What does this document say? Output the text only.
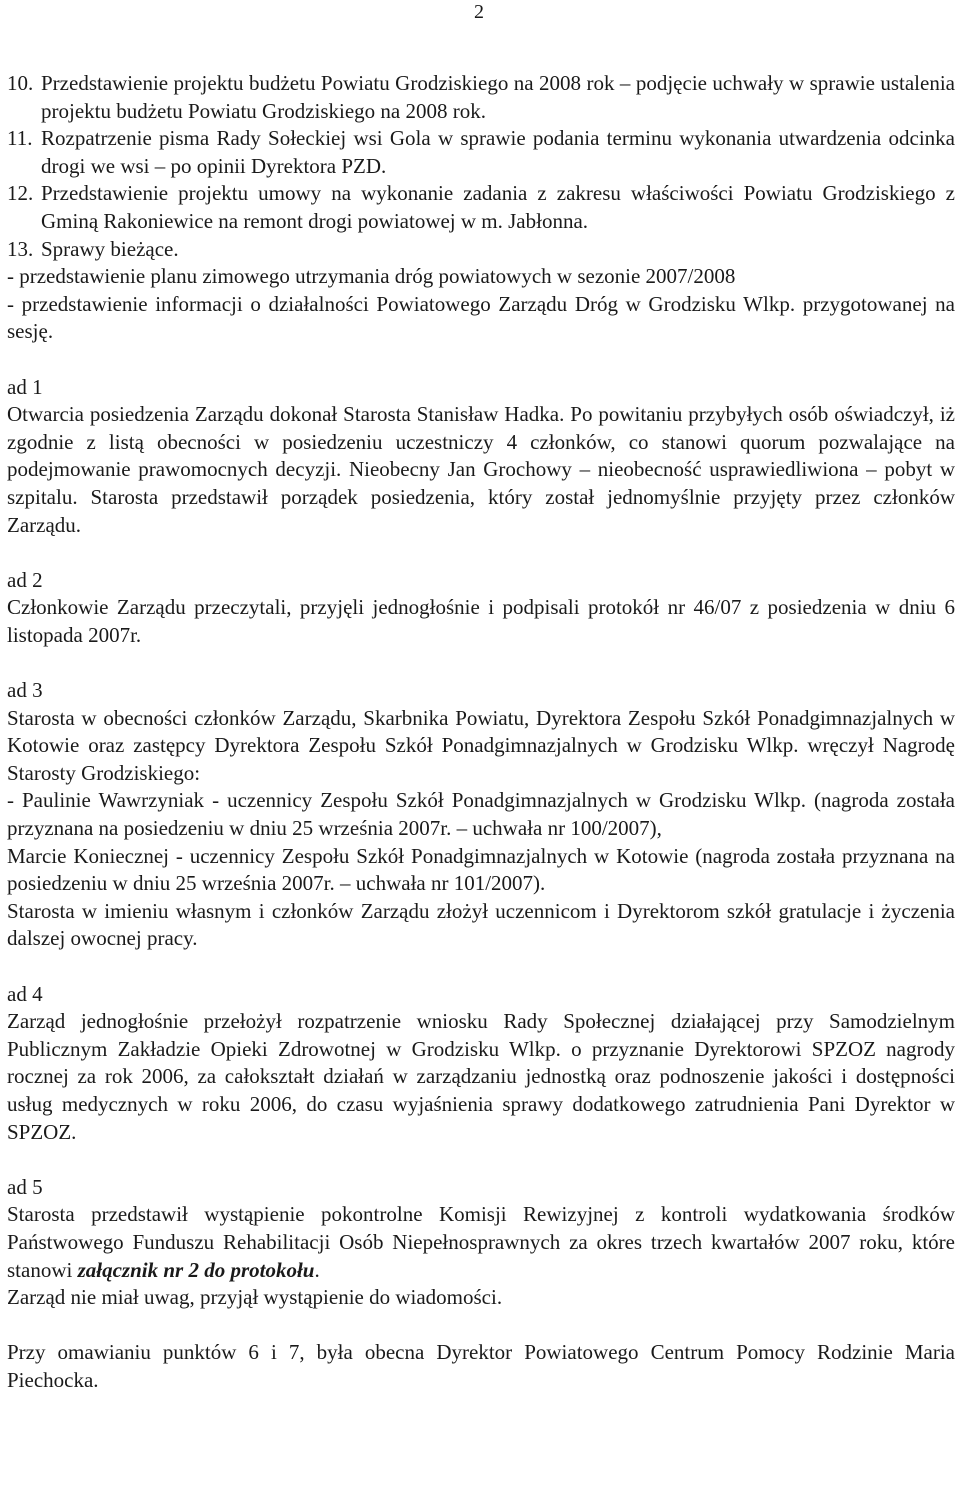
2
10. Przedstawienie projektu budżetu Powiatu Grodziskiego na 2008 rok – podjęcie uchwały w sprawie ustalenia projektu budżetu Powiatu Grodziskiego na 2008 rok.
11. Rozpatrzenie pisma Rady Sołeckiej wsi Gola w sprawie podania terminu wykonania utwardzenia odcinka drogi we wsi – po opinii Dyrektora PZD.
12. Przedstawienie projektu umowy na wykonanie zadania z zakresu właściwości Powiatu Grodziskiego z Gminą Rakoniewice na remont drogi powiatowej w m. Jabłonna.
13. Sprawy bieżące.
- przedstawienie planu zimowego utrzymania dróg powiatowych w sezonie 2007/2008
- przedstawienie informacji o działalności Powiatowego Zarządu Dróg w Grodzisku Wlkp. przygotowanej na sesję.
ad 1
Otwarcia posiedzenia Zarządu dokonał Starosta Stanisław Hadka. Po powitaniu przybyłych osób oświadczył, iż zgodnie z listą obecności w posiedzeniu uczestniczy 4 członków, co stanowi quorum pozwalające na podejmowanie prawomocnych decyzji. Nieobecny Jan Grochowy – nieobecność usprawiedliwiona – pobyt w szpitalu. Starosta przedstawił porządek posiedzenia, który został jednomyślnie przyjęty przez członków Zarządu.
ad 2
Członkowie Zarządu przeczytali, przyjęli jednogłośnie i podpisali protokół nr 46/07 z posiedzenia w dniu 6 listopada 2007r.
ad 3
Starosta w obecności członków Zarządu, Skarbnika Powiatu, Dyrektora Zespołu Szkół Ponadgimnazjalnych w Kotowie oraz zastępcy Dyrektora Zespołu Szkół Ponadgimnazjalnych w Grodzisku Wlkp. wręczył Nagrodę Starosty Grodziskiego:
- Paulinie Wawrzyniak - uczennicy Zespołu Szkół Ponadgimnazjalnych w Grodzisku Wlkp. (nagroda została przyznana na posiedzeniu w dniu 25 września 2007r. – uchwała nr 100/2007),
Marcie Koniecznej - uczennicy Zespołu Szkół Ponadgimnazjalnych w Kotowie (nagroda została przyznana na posiedzeniu w dniu 25 września 2007r. – uchwała nr 101/2007).
Starosta w imieniu własnym i członków Zarządu złożył uczennicom i Dyrektorom szkół gratulacje i życzenia dalszej owocnej pracy.
ad 4
Zarząd jednogłośnie przełożył rozpatrzenie wniosku Rady Społecznej działającej przy Samodzielnym Publicznym Zakładzie Opieki Zdrowotnej w Grodzisku Wlkp. o przyznanie Dyrektorowi SPZOZ nagrody rocznej za rok 2006, za całokształt działań w zarządzaniu jednostką oraz podnoszenie jakości i dostępności usług medycznych w roku 2006, do czasu wyjaśnienia sprawy dodatkowego zatrudnienia Pani Dyrektor w SPZOZ.
ad 5
Starosta przedstawił wystąpienie pokontrolne Komisji Rewizyjnej z kontroli wydatkowania środków Państwowego Funduszu Rehabilitacji Osób Niepełnosprawnych za okres trzech kwartałów 2007 roku, które stanowi załącznik nr 2 do protokołu.
Zarząd nie miał uwag, przyjął wystąpienie do wiadomości.
Przy omawianiu punktów 6 i 7, była obecna Dyrektor Powiatowego Centrum Pomocy Rodzinie Maria Piechocka.
